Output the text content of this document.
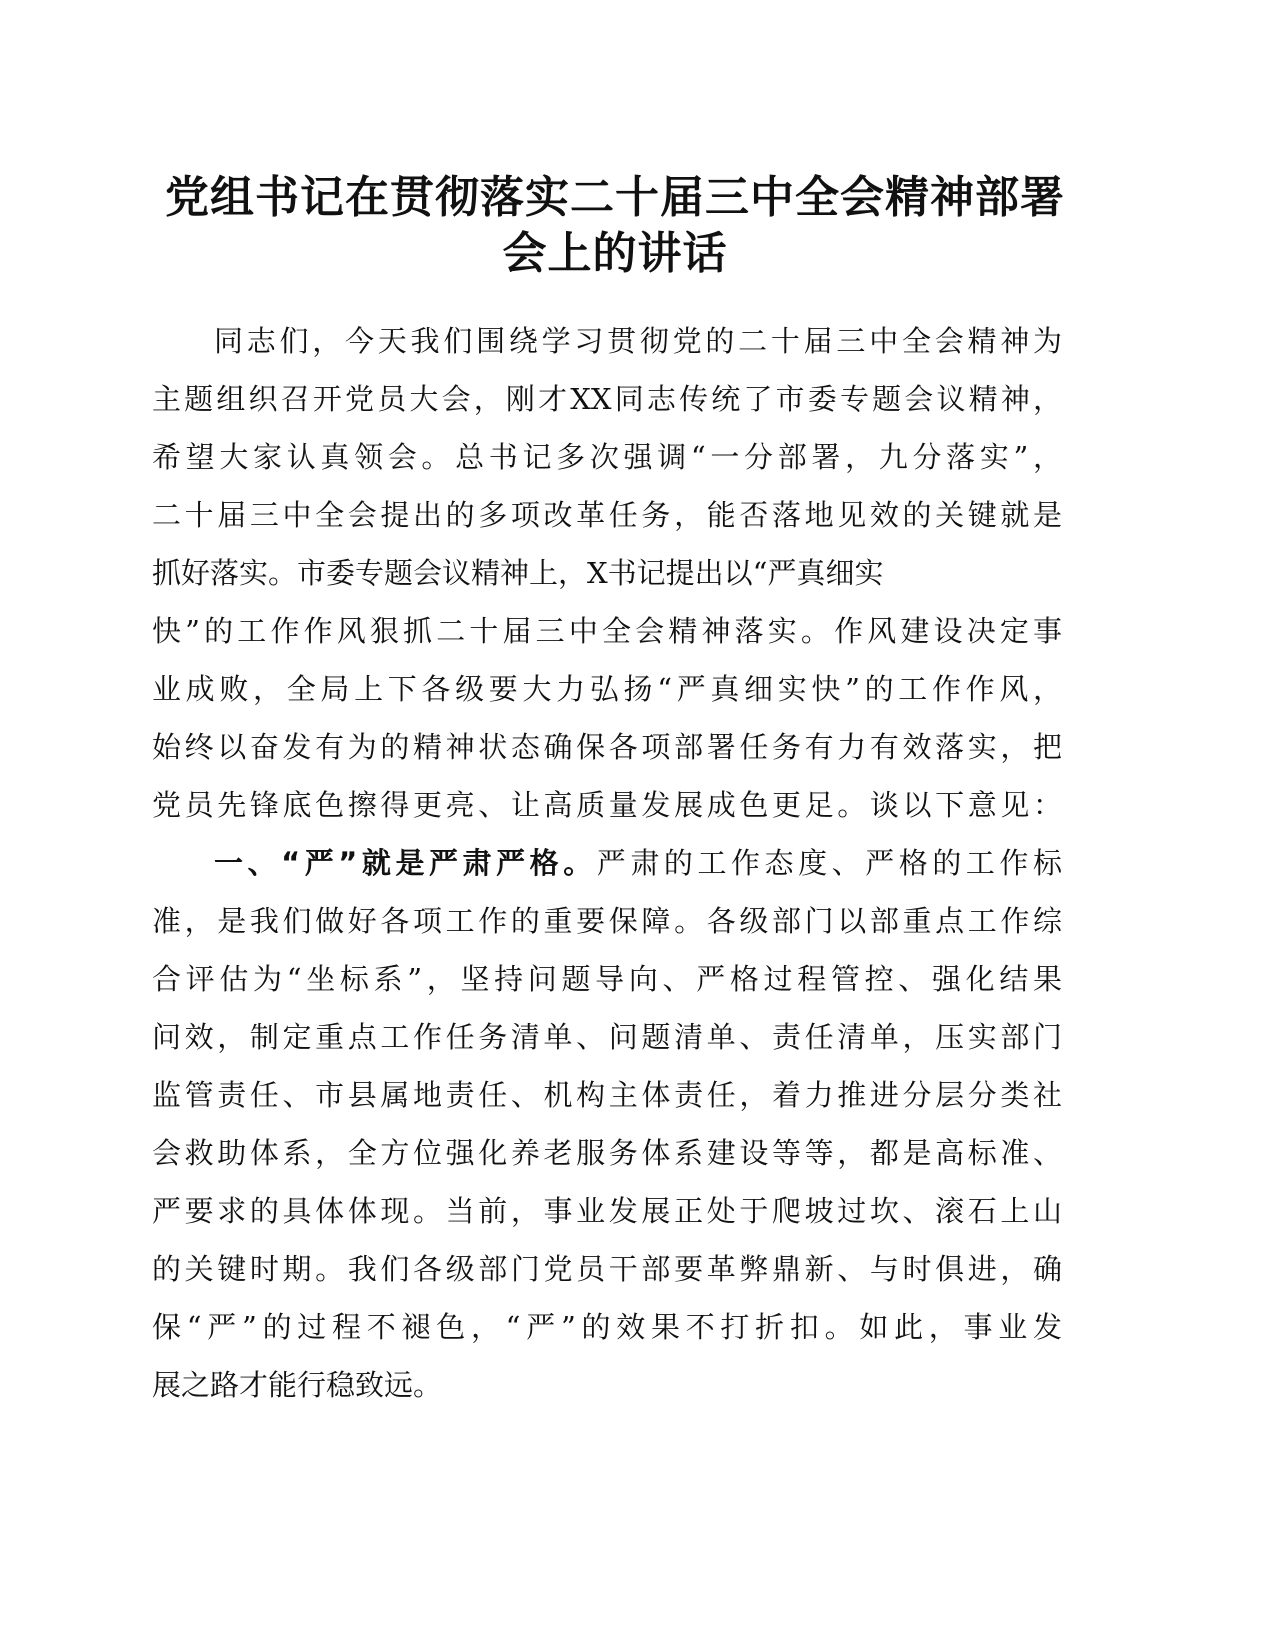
党组书记在贯彻落实二十届三中全会精神部署
会上的讲话
同志们，今天我们围绕学习贯彻党的二十届三中全会精神为
主题组织召开党员大会，刚才XX同志传统了市委专题会议精神，
希望大家认真领会。总书记多次强调“一分部署，九分落实”，
二十届三中全会提出的多项改革任务，能否落地见效的关键就是
抓好落实。市委专题会议精神上，X书记提出以“严真细实
快”的工作作风狠抓二十届三中全会精神落实。作风建设决定事
业成败，全局上下各级要大力弘扬“严真细实快”的工作作风，
始终以奋发有为的精神状态确保各项部署任务有力有效落实，把
党员先锋底色擦得更亮、让高质量发展成色更足。谈以下意见：
一、“严”就是严肃严格。严肃的工作态度、严格的工作标
准，是我们做好各项工作的重要保障。各级部门以部重点工作综
合评估为“坐标系”，坚持问题导向、严格过程管控、强化结果
问效，制定重点工作任务清单、问题清单、责任清单，压实部门
监管责任、市县属地责任、机构主体责任，着力推进分层分类社
会救助体系，全方位强化养老服务体系建设等等，都是高标准、
严要求的具体体现。当前，事业发展正处于爬坡过坎、滚石上山
的关键时期。我们各级部门党员干部要革弊鼎新、与时俱进，确
保“严”的过程不褪色，“严”的效果不打折扣。如此，事业发
展之路才能行稳致远。
